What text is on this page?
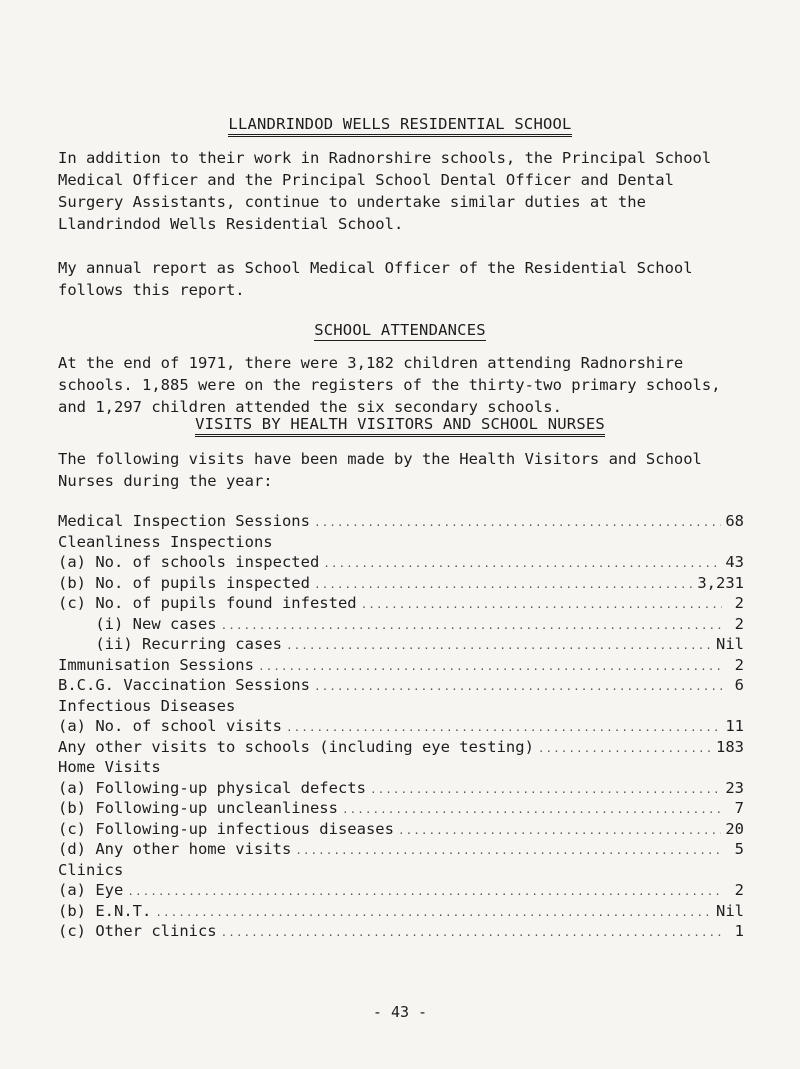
LLANDRINDOD WELLS RESIDENTIAL SCHOOL

In addition to their work in Radnorshire schools, the Principal School Medical Officer and the Principal School Dental Officer and Dental Surgery Assistants, continue to undertake similar duties at the Llandrindod Wells Residential School.

My annual report as School Medical Officer of the Residential School follows this report.

SCHOOL ATTENDANCES

At the end of 1971, there were 3,182 children attending Radnorshire schools. 1,885 were on the registers of the thirty-two primary schools, and 1,297 children attended the six secondary schools.

VISITS BY HEALTH VISITORS AND SCHOOL NURSES

The following visits have been made by the Health Visitors and School Nurses during the year:

Medical Inspection Sessions .....	68
Cleanliness Inspections
(a) No. of schools inspected .....	43
(b) No. of pupils inspected .....	3,231
(c) No. of pupils found infested .....	2
(i) New cases .....	2
(ii) Recurring cases .....	Nil
Immunisation Sessions .....	2
B.C.G. Vaccination Sessions .....	6
Infectious Diseases
(a) No. of school visits .....	11
Any other visits to schools (including eye testing) .....	183
Home Visits
(a) Following-up physical defects .....	23
(b) Following-up uncleanliness .....	7
(c) Following-up infectious diseases .....	20
(d) Any other home visits .....	5
Clinics
(a) Eye .....	2
(b) E.N.T. .....	Nil
(c) Other clinics .....	1
- 43 -
